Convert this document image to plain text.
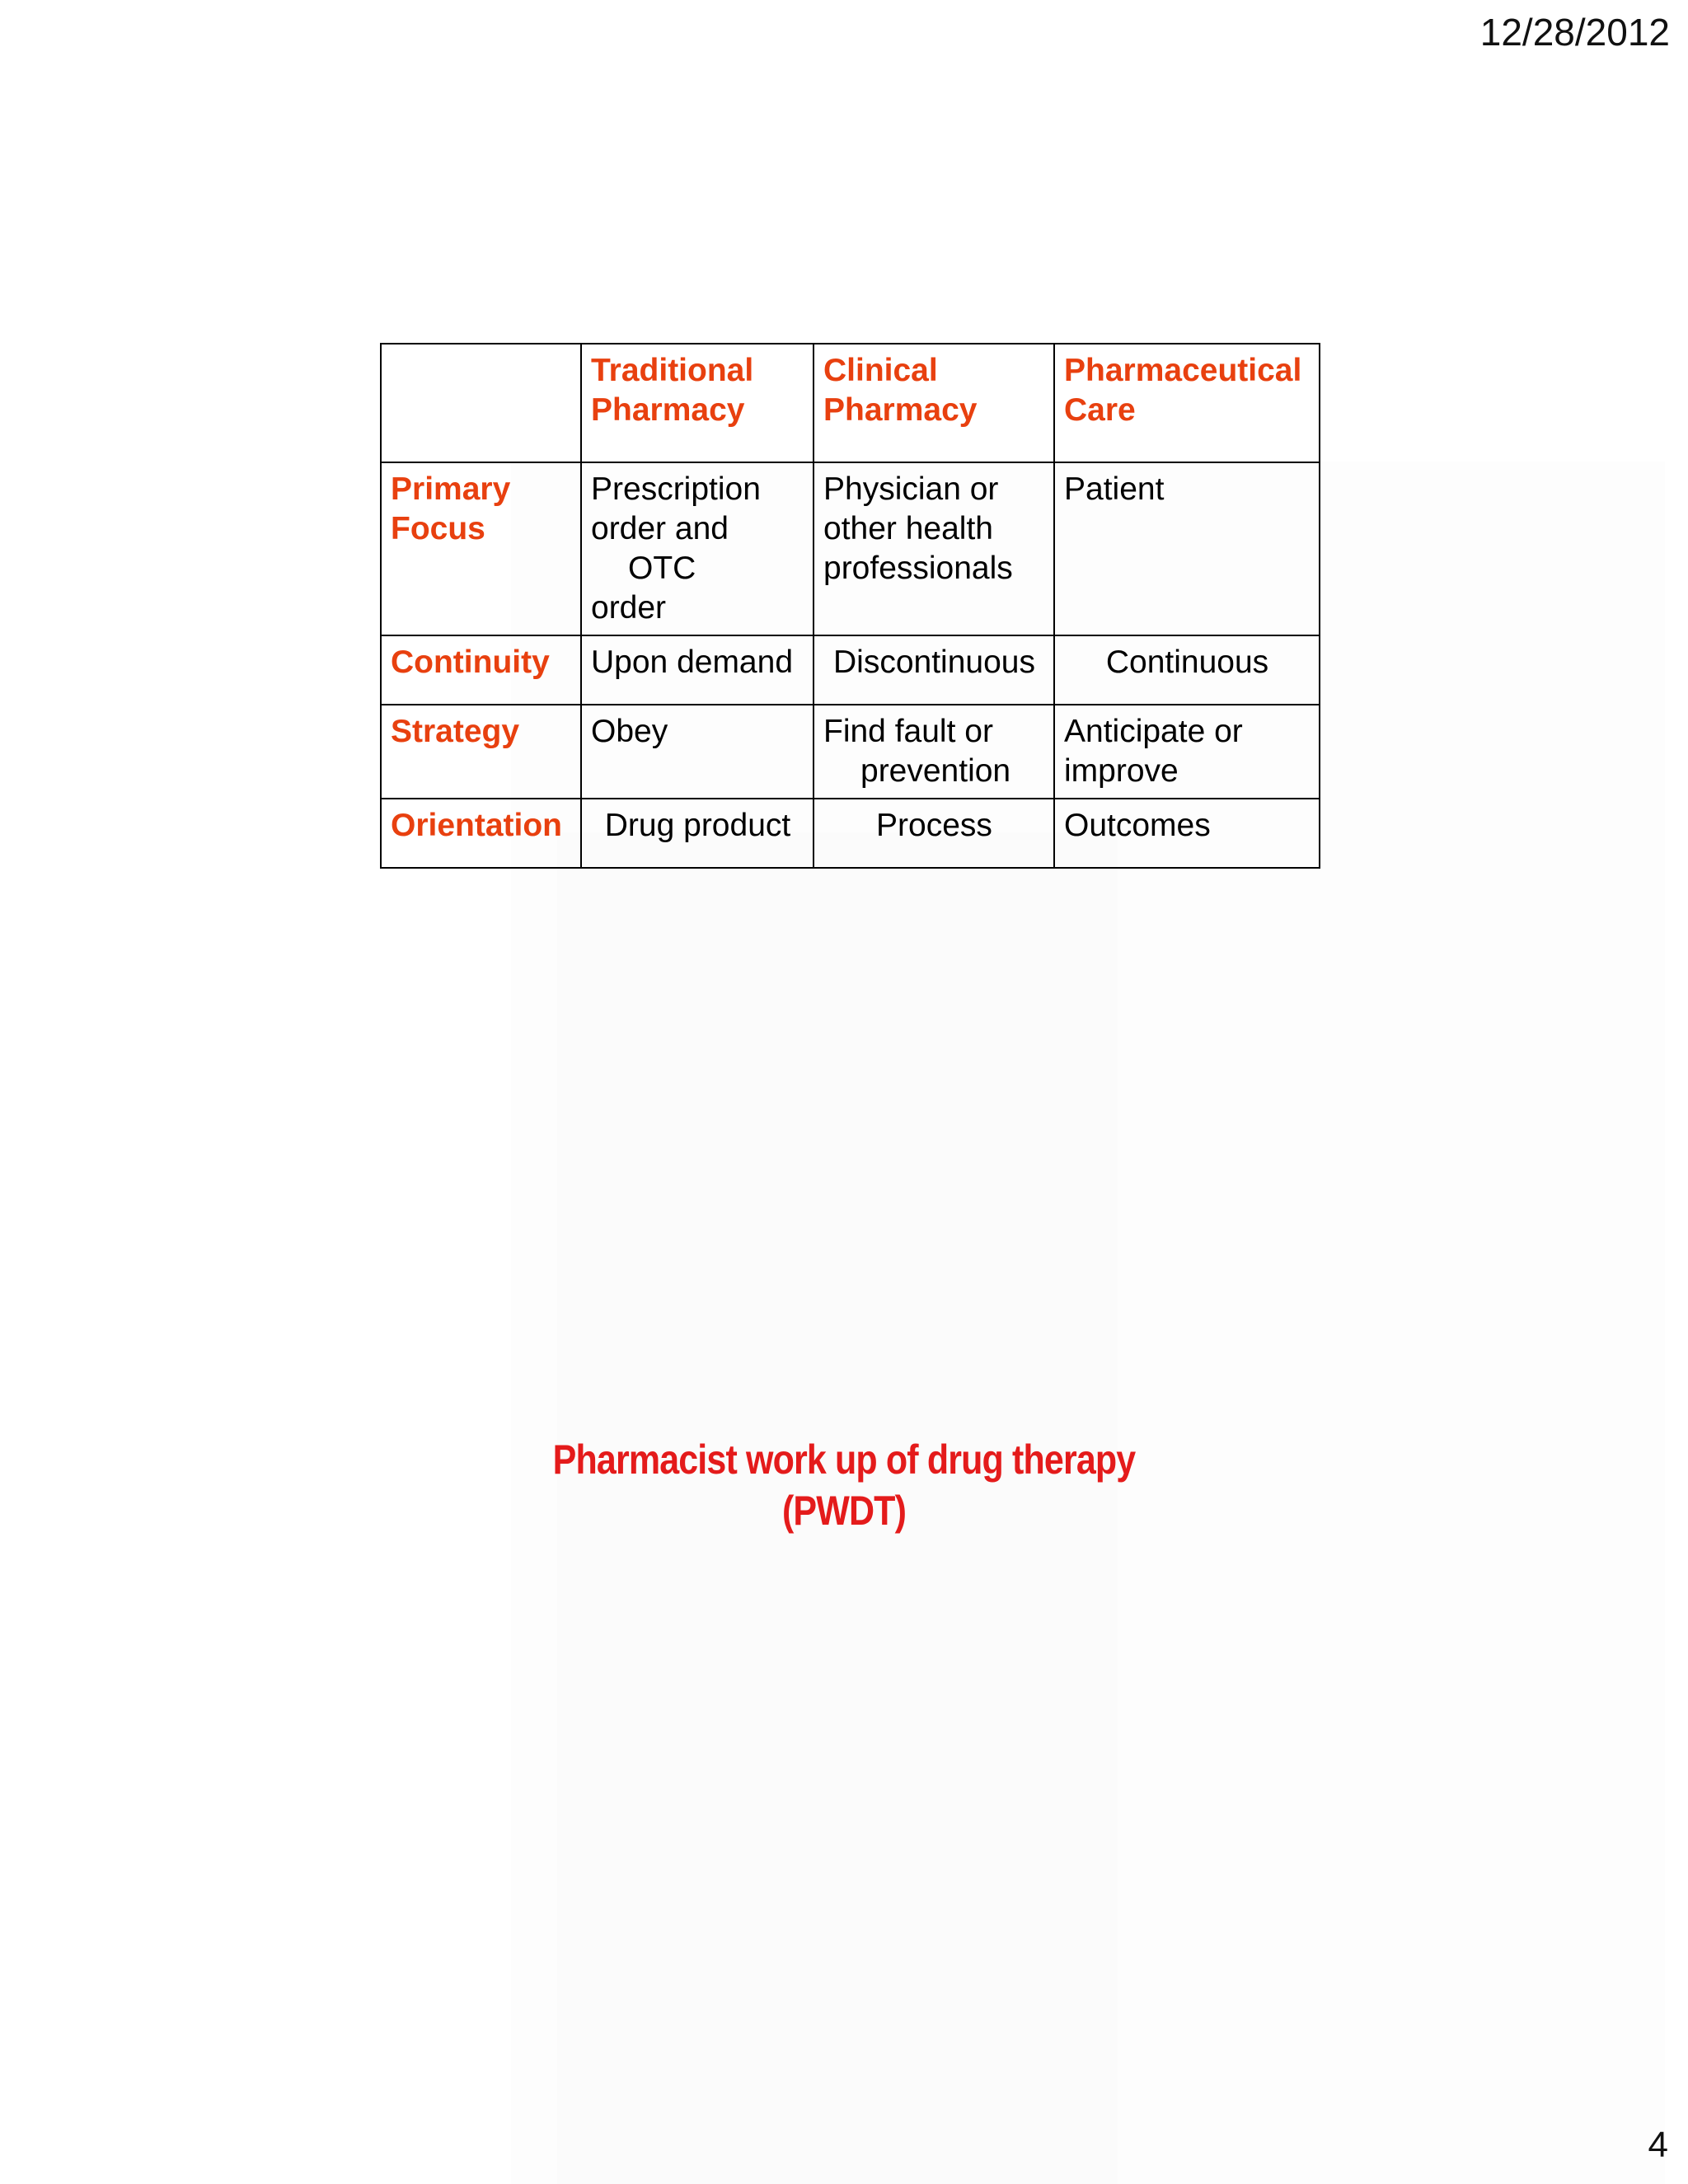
12/28/2012
	Traditional
Pharmacy	Clinical
Pharmacy	Pharmaceutical
Care
Primary
Focus	Prescription
order and
OTC
order	Physician or
other health
professionals	Patient
Continuity	Upon demand	Discontinuous	Continuous
Strategy	Obey	Find fault or
prevention	Anticipate or
improve
Orientation	Drug product	Process	Outcomes
Pharmacist work up of drug therapy
(PWDT)
4
